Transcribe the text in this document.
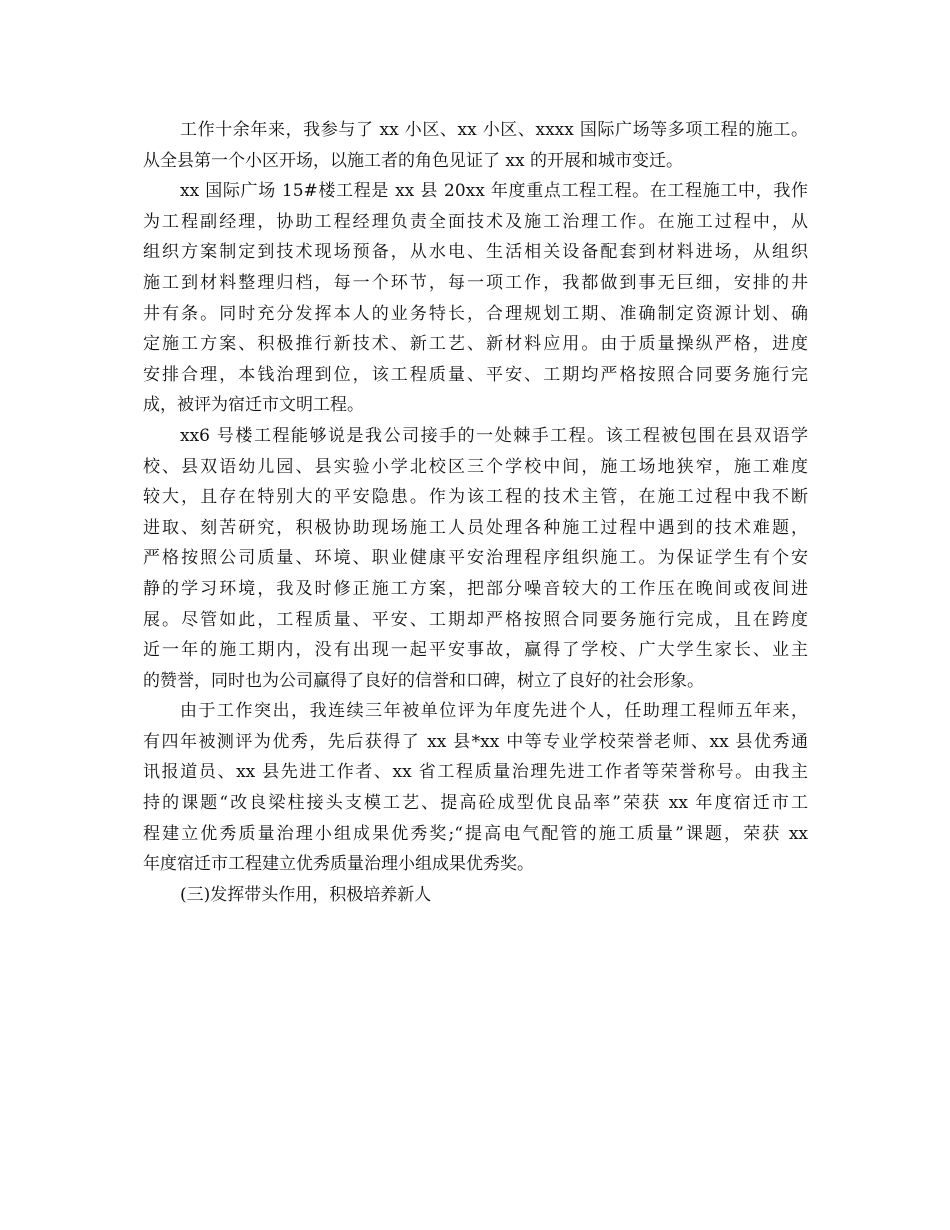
工作十余年来，我参与了 xx 小区、xx 小区、xxxx 国际广场等多项工程的施工。
从全县第一个小区开场，以施工者的角色见证了 xx 的开展和城市变迁。

xx 国际广场 15#楼工程是 xx 县 20xx 年度重点工程工程。在工程施工中，我作
为工程副经理，协助工程经理负责全面技术及施工治理工作。在施工过程中，从
组织方案制定到技术现场预备，从水电、生活相关设备配套到材料进场，从组织
施工到材料整理归档，每一个环节，每一项工作，我都做到事无巨细，安排的井
井有条。同时充分发挥本人的业务特长，合理规划工期、准确制定资源计划、确
定施工方案、积极推行新技术、新工艺、新材料应用。由于质量操纵严格，进度
安排合理，本钱治理到位，该工程质量、平安、工期均严格按照合同要务施行完
成，被评为宿迁市文明工程。

xx6 号楼工程能够说是我公司接手的一处棘手工程。该工程被包围在县双语学
校、县双语幼儿园、县实验小学北校区三个学校中间，施工场地狭窄，施工难度
较大，且存在特别大的平安隐患。作为该工程的技术主管，在施工过程中我不断
进取、刻苦研究，积极协助现场施工人员处理各种施工过程中遇到的技术难题，
严格按照公司质量、环境、职业健康平安治理程序组织施工。为保证学生有个安
静的学习环境，我及时修正施工方案，把部分噪音较大的工作压在晚间或夜间进
展。尽管如此，工程质量、平安、工期却严格按照合同要务施行完成，且在跨度
近一年的施工期内，没有出现一起平安事故，赢得了学校、广大学生家长、业主
的赞誉，同时也为公司赢得了良好的信誉和口碑，树立了良好的社会形象。

由于工作突出，我连续三年被单位评为年度先进个人，任助理工程师五年来，
有四年被测评为优秀，先后获得了 xx 县*xx 中等专业学校荣誉老师、xx 县优秀通
讯报道员、xx 县先进工作者、xx 省工程质量治理先进工作者等荣誉称号。由我主
持的课题“改良梁柱接头支模工艺、提高砼成型优良品率”荣获 xx 年度宿迁市工
程建立优秀质量治理小组成果优秀奖;“提高电气配管的施工质量”课题，荣获 xx
年度宿迁市工程建立优秀质量治理小组成果优秀奖。

(三)发挥带头作用，积极培养新人
